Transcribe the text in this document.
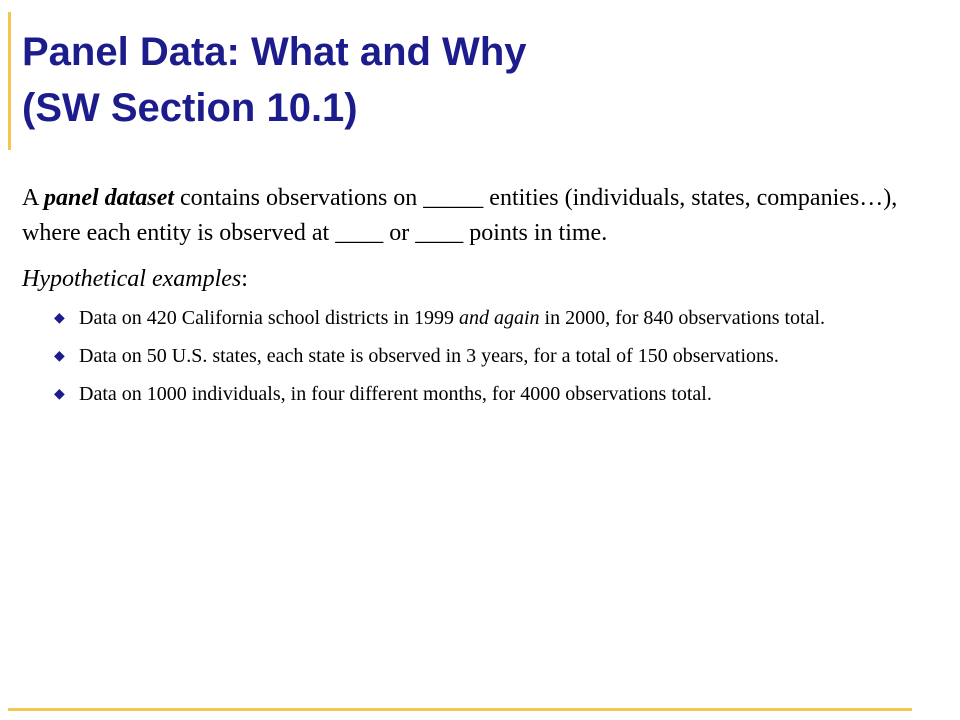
Panel Data: What and Why
(SW Section 10.1)

A panel dataset contains observations on _____ entities (individuals, states, companies…), where each entity is observed at ____ or ____ points in time.

Hypothetical examples:

◆ Data on 420 California school districts in 1999 and again in 2000, for 840 observations total.
◆ Data on 50 U.S. states, each state is observed in 3 years, for a total of 150 observations.
◆ Data on 1000 individuals, in four different months, for 4000 observations total.
